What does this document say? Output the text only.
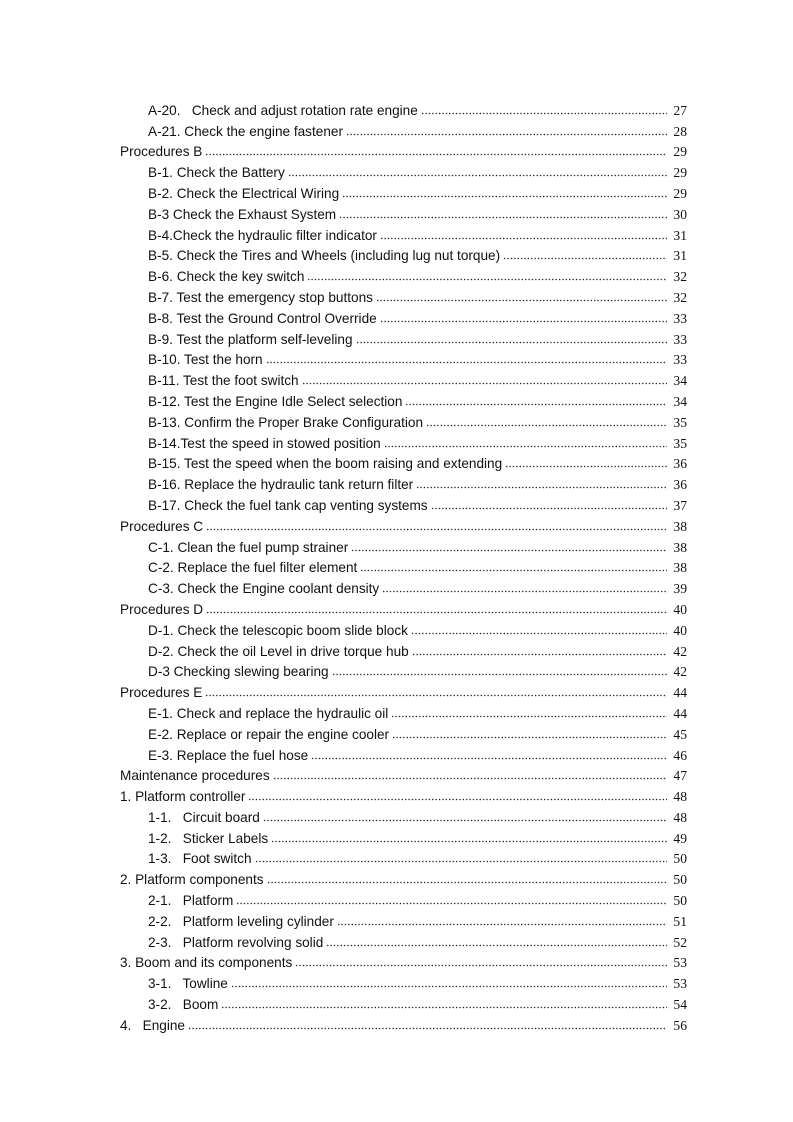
A-20.   Check and adjust rotation rate engine	27
A-21. Check the engine fastener	28
Procedures B	29
B-1. Check the Battery	29
B-2. Check the Electrical Wiring	29
B-3 Check the Exhaust System	30
B-4.Check the hydraulic filter indicator	31
B-5. Check the Tires and Wheels (including lug nut torque)	31
B-6. Check the key switch	32
B-7. Test the emergency stop buttons	32
B-8. Test the Ground Control Override	33
B-9. Test the platform self-leveling	33
B-10. Test the horn	33
B-11. Test the foot switch	34
B-12. Test the Engine Idle Select selection	34
B-13. Confirm the Proper Brake Configuration	35
B-14.Test the speed in stowed position	35
B-15. Test the speed when the boom raising and extending	36
B-16. Replace the hydraulic tank return filter	36
B-17. Check the fuel tank cap venting systems	37
Procedures C	38
C-1. Clean the fuel pump strainer	38
C-2. Replace the fuel filter element	38
C-3. Check the Engine coolant density	39
Procedures D	40
D-1. Check the telescopic boom slide block	40
D-2. Check the oil Level in drive torque hub	42
D-3 Checking slewing bearing	42
Procedures E	44
E-1. Check and replace the hydraulic oil	44
E-2. Replace or repair the engine cooler	45
E-3. Replace the fuel hose	46
Maintenance procedures	47
1. Platform controller	48
1-1.   Circuit board	48
1-2.   Sticker Labels	49
1-3.   Foot switch	50
2. Platform components	50
2-1.   Platform	50
2-2.   Platform leveling cylinder	51
2-3.   Platform revolving solid	52
3. Boom and its components	53
3-1.   Towline	53
3-2.   Boom	54
4.   Engine	56
